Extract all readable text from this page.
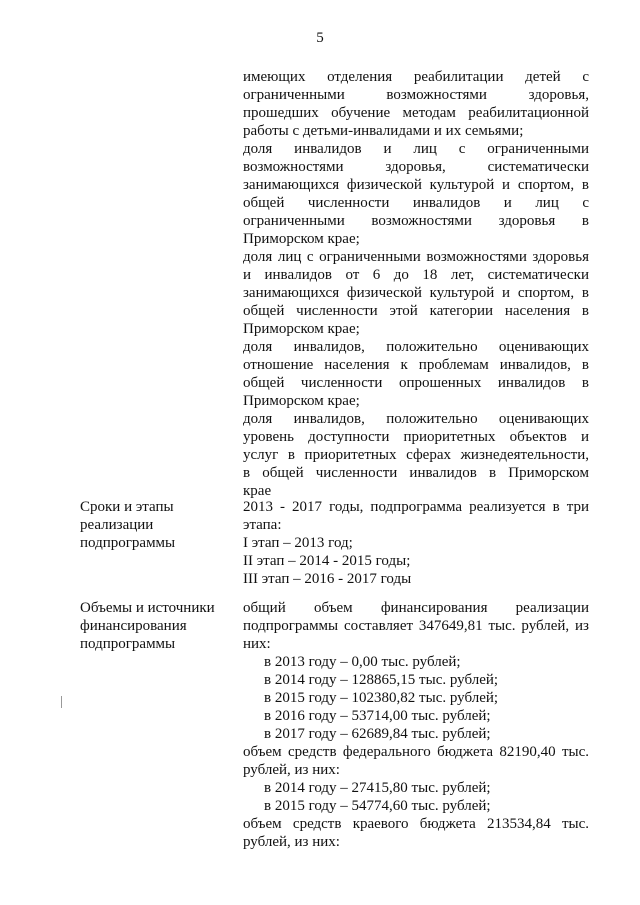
5
имеющих отделения реабилитации детей с
ограниченными возможностями здоровья,
прошедших обучение методам реабилитационной
работы с детьми-инвалидами и их семьями;
доля инвалидов и лиц с ограниченными
возможностями здоровья, систематически
занимающихся физической культурой и спортом, в
общей численности инвалидов и лиц с
ограниченными возможностями здоровья в
Приморском крае;
доля лиц с ограниченными возможностями здоровья
и инвалидов от 6 до 18 лет, систематически
занимающихся физической культурой и спортом, в
общей численности этой категории населения в
Приморском крае;
доля инвалидов, положительно оценивающих
отношение населения к проблемам инвалидов, в
общей численности опрошенных инвалидов в
Приморском крае;
доля инвалидов, положительно оценивающих
уровень доступности приоритетных объектов и
услуг в приоритетных сферах жизнедеятельности,
в общей численности инвалидов в Приморском
крае
Сроки и этапы
реализации
подпрограммы
2013 - 2017 годы, подпрограмма реализуется в три
этапа:
I этап – 2013 год;
II этап – 2014 - 2015 годы;
III этап – 2016 - 2017 годы
Объемы и источники
финансирования
подпрограммы
общий объем финансирования реализации
подпрограммы составляет 347649,81 тыс. рублей, из
них:
в 2013 году – 0,00 тыс. рублей;
в 2014 году – 128865,15 тыс. рублей;
в 2015 году – 102380,82 тыс. рублей;
в 2016 году – 53714,00 тыс. рублей;
в 2017 году – 62689,84 тыс. рублей;
объем средств федерального бюджета 82190,40 тыс.
рублей, из них:
в 2014 году – 27415,80 тыс. рублей;
в 2015 году – 54774,60 тыс. рублей;
объем средств краевого бюджета 213534,84 тыс.
рублей, из них:
